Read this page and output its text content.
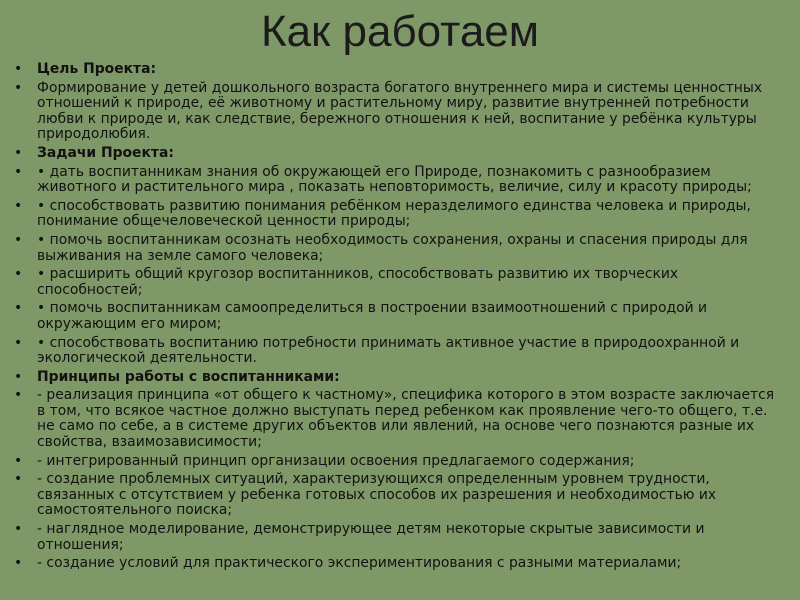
Как работаем
•	Цель Проекта:
•	Формирование у детей дошкольного возраста богатого внутреннего мира и системы ценностных отношений к природе, её животному и растительному миру, развитие внутренней потребности любви к природе и, как следствие, бережного отношения к ней, воспитание у ребёнка культуры природолюбия.
•	Задачи Проекта:
•	• дать воспитанникам знания об окружающей его Природе, познакомить с разнообразием животного и растительного мира , показать неповторимость, величие, силу и красоту природы;
•	• способствовать развитию понимания ребёнком неразделимого единства человека и природы, понимание общечеловеческой ценности природы;
•	• помочь воспитанникам осознать необходимость сохранения, охраны и спасения природы для выживания на земле самого человека;
•	• расширить общий кругозор воспитанников, способствовать развитию их творческих способностей;
•	• помочь воспитанникам самоопределиться в построении взаимоотношений с природой и окружающим его миром;
•	• способствовать воспитанию потребности принимать активное участие в природоохранной и экологической деятельности.
•	Принципы работы с воспитанниками:
•	- реализация принципа «от общего к частному», специфика которого в этом возрасте заключается в том, что всякое частное должно выступать перед ребенком как проявление чего-то общего, т.е. не само по себе, а в системе других объектов или явлений, на основе чего познаются разные их свойства, взаимозависимости;
•	- интегрированный принцип организации освоения предлагаемого содержания;
•	- создание проблемных ситуаций, характеризующихся определенным уровнем трудности, связанных с отсутствием у ребенка готовых способов их разрешения и необходимостью их самостоятельного поиска;
•	- наглядное моделирование, демонстрирующее детям некоторые скрытые зависимости и отношения;
•	- создание условий для практического экспериментирования с разными материалами;
